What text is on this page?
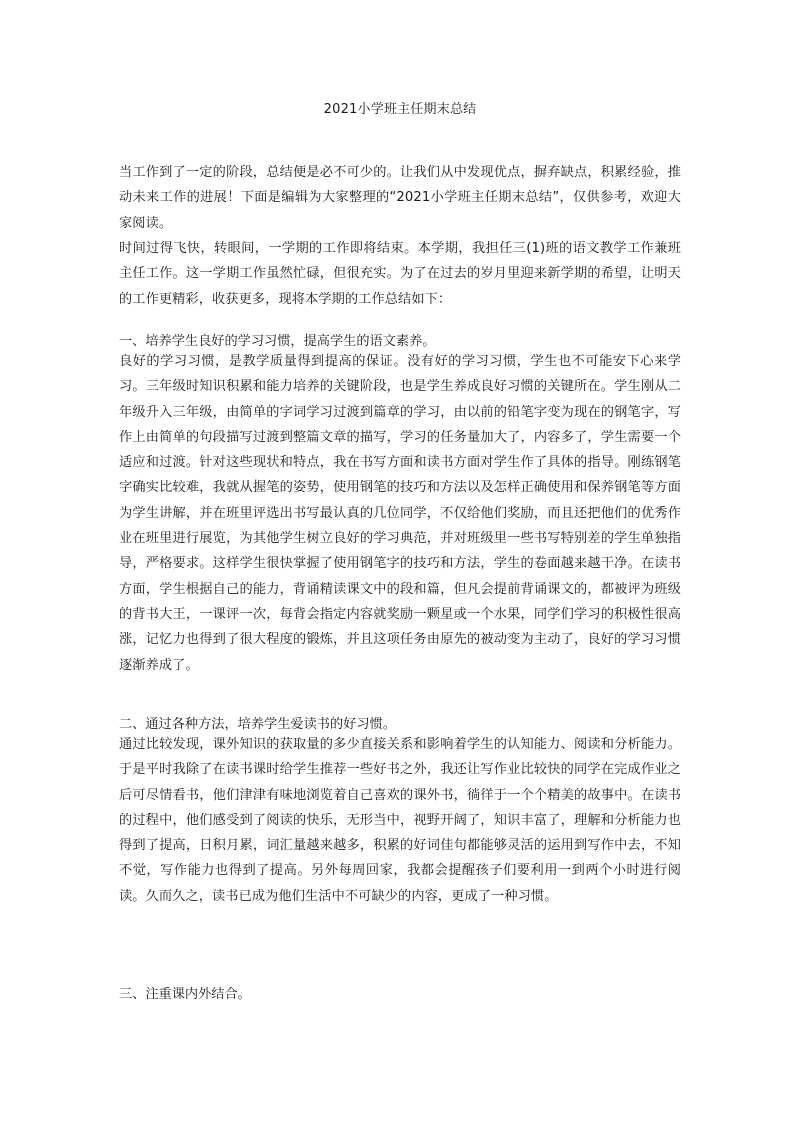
2021小学班主任期末总结
当工作到了一定的阶段，总结便是必不可少的。让我们从中发现优点，摒弃缺点，积累经验，推动未来工作的进展！下面是编辑为大家整理的“2021小学班主任期末总结”，仅供参考，欢迎大家阅读。
时间过得飞快，转眼间，一学期的工作即将结束。本学期，我担任三(1)班的语文教学工作兼班主任工作。这一学期工作虽然忙碌，但很充实。为了在过去的岁月里迎来新学期的希望，让明天的工作更精彩，收获更多，现将本学期的工作总结如下：
一、培养学生良好的学习习惯，提高学生的语文素养。
良好的学习习惯，是教学质量得到提高的保证。没有好的学习习惯，学生也不可能安下心来学习。三年级时知识积累和能力培养的关键阶段，也是学生养成良好习惯的关键所在。学生刚从二年级升入三年级，由简单的字词学习过渡到篇章的学习，由以前的铅笔字变为现在的钢笔字，写作上由简单的句段描写过渡到整篇文章的描写，学习的任务量加大了，内容多了，学生需要一个适应和过渡。针对这些现状和特点，我在书写方面和读书方面对学生作了具体的指导。刚练钢笔字确实比较难，我就从握笔的姿势，使用钢笔的技巧和方法以及怎样正确使用和保养钢笔等方面为学生讲解，并在班里评选出书写最认真的几位同学，不仅给他们奖励，而且还把他们的优秀作业在班里进行展览，为其他学生树立良好的学习典范，并对班级里一些书写特别差的学生单独指导，严格要求。这样学生很快掌握了使用钢笔字的技巧和方法，学生的卷面越来越干净。在读书方面，学生根据自己的能力，背诵精读课文中的段和篇，但凡会提前背诵课文的，都被评为班级的背书大王，一课评一次，每背会指定内容就奖励一颗星或一个水果，同学们学习的积极性很高涨，记忆力也得到了很大程度的锻炼，并且这项任务由原先的被动变为主动了，良好的学习习惯逐渐养成了。
二、通过各种方法，培养学生爱读书的好习惯。
通过比较发现，课外知识的获取量的多少直接关系和影响着学生的认知能力、阅读和分析能力。于是平时我除了在读书课时给学生推荐一些好书之外，我还让写作业比较快的同学在完成作业之后可尽情看书，他们津津有味地浏览着自己喜欢的课外书，徜徉于一个个精美的故事中。在读书的过程中，他们感受到了阅读的快乐，无形当中，视野开阔了，知识丰富了，理解和分析能力也得到了提高，日积月累，词汇量越来越多，积累的好词佳句都能够灵活的运用到写作中去，不知不觉，写作能力也得到了提高。另外每周回家，我都会提醒孩子们要利用一到两个小时进行阅读。久而久之，读书已成为他们生活中不可缺少的内容，更成了一种习惯。
三、注重课内外结合。
